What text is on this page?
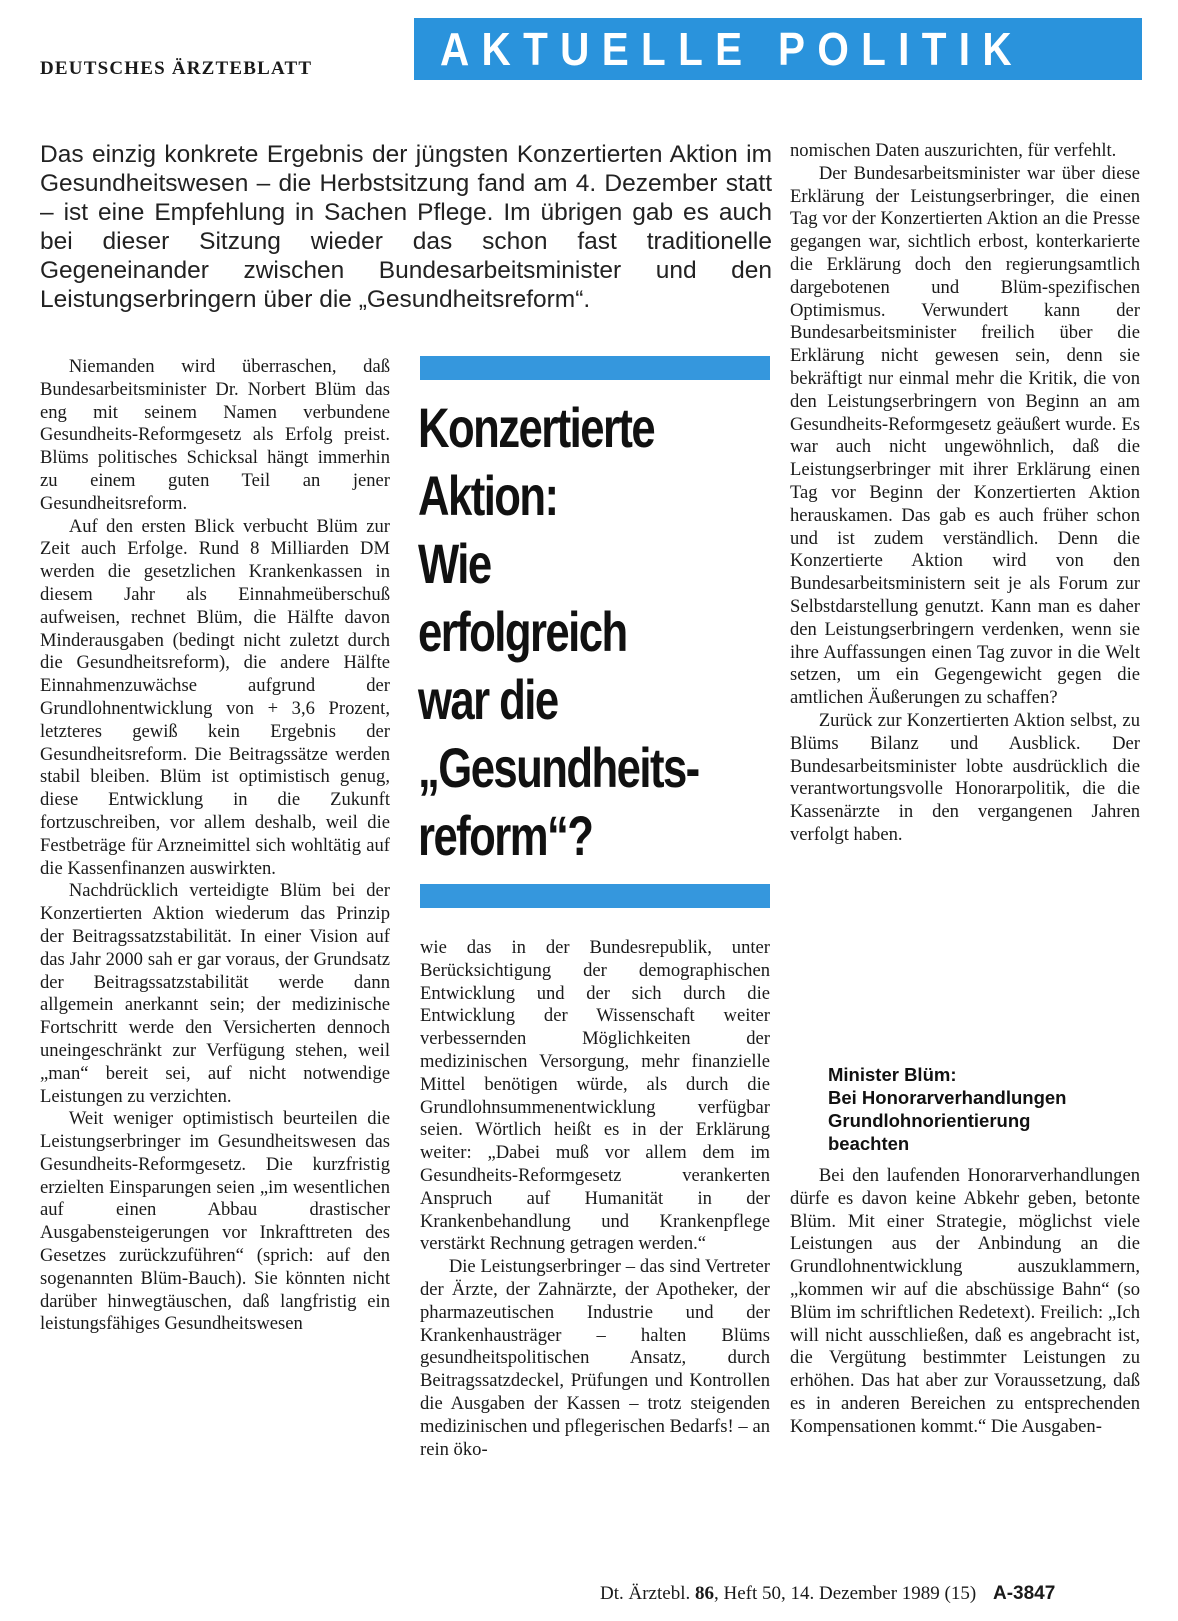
DEUTSCHES ÄRZTEBLATT	AKTUELLE POLITIK
Das einzig konkrete Ergebnis der jüngsten Konzertierten Aktion im Gesundheitswesen – die Herbstsitzung fand am 4. Dezember statt – ist eine Empfehlung in Sachen Pflege. Im übrigen gab es auch bei dieser Sitzung wieder das schon fast traditionelle Gegeneinander zwischen Bundesarbeitsminister und den Leistungserbringern über die „Gesundheitsreform“.

Niemanden wird überraschen, daß Bundesarbeitsminister Dr. Norbert Blüm das eng mit seinem Namen verbundene Gesundheits-Reformgesetz als Erfolg preist. Blüms politisches Schicksal hängt immerhin zu einem guten Teil an jener Gesundheitsreform.

Auf den ersten Blick verbucht Blüm zur Zeit auch Erfolge. Rund 8 Milliarden DM werden die gesetzlichen Krankenkassen in diesem Jahr als Einnahmeüberschuß aufweisen, rechnet Blüm, die Hälfte davon Minderausgaben (bedingt nicht zuletzt durch die Gesundheitsreform), die andere Hälfte Einnahmenzuwächse aufgrund der Grundlohnentwicklung von + 3,6 Prozent, letzteres gewiß kein Ergebnis der Gesundheitsreform. Die Beitragssätze werden stabil bleiben. Blüm ist optimistisch genug, diese Entwicklung in die Zukunft fortzuschreiben, vor allem deshalb, weil die Festbeträge für Arzneimittel sich wohltätig auf die Kassenfinanzen auswirkten.

Nachdrücklich verteidigte Blüm bei der Konzertierten Aktion wiederum das Prinzip der Beitragssatzstabilität. In einer Vision auf das Jahr 2000 sah er gar voraus, der Grundsatz der Beitragssatzstabilität werde dann allgemein anerkannt sein; der medizinische Fortschritt werde den Versicherten dennoch uneingeschränkt zur Verfügung stehen, weil „man“ bereit sei, auf nicht notwendige Leistungen zu verzichten.

Weit weniger optimistisch beurteilen die Leistungserbringer im Gesundheitswesen das Gesundheits-Reformgesetz. Die kurzfristig erzielten Einsparungen seien „im wesentlichen auf einen Abbau drastischer Ausgabensteigerungen vor Inkrafttreten des Gesetzes zurückzuführen“ (sprich: auf den sogenannten Blüm-Bauch). Sie könnten nicht darüber hinwegtäuschen, daß langfristig ein leistungsfähiges Gesundheitswesen

Konzertierte
Aktion:
Wie
erfolgreich
war die
„Gesundheits-
reform“?

wie das in der Bundesrepublik, unter Berücksichtigung der demographischen Entwicklung und der sich durch die Entwicklung der Wissenschaft weiter verbessernden Möglichkeiten der medizinischen Versorgung, mehr finanzielle Mittel benötigen würde, als durch die Grundlohnsummenentwicklung verfügbar seien. Wörtlich heißt es in der Erklärung weiter: „Dabei muß vor allem dem im Gesundheits-Reformgesetz verankerten Anspruch auf Humanität in der Krankenbehandlung und Krankenpflege verstärkt Rechnung getragen werden.“

Die Leistungserbringer – das sind Vertreter der Ärzte, der Zahnärzte, der Apotheker, der pharmazeutischen Industrie und der Krankenhausträger – halten Blüms gesundheitspolitischen Ansatz, durch Beitragssatzdeckel, Prüfungen und Kontrollen die Ausgaben der Kassen – trotz steigenden medizinischen und pflegerischen Bedarfs! – an rein öko-

nomischen Daten auszurichten, für verfehlt.

Der Bundesarbeitsminister war über diese Erklärung der Leistungserbringer, die einen Tag vor der Konzertierten Aktion an die Presse gegangen war, sichtlich erbost, konterkarierte die Erklärung doch den regierungsamtlich dargebotenen und Blüm-spezifischen Optimismus. Verwundert kann der Bundesarbeitsminister freilich über die Erklärung nicht gewesen sein, denn sie bekräftigt nur einmal mehr die Kritik, die von den Leistungserbringern von Beginn an am Gesundheits-Reformgesetz geäußert wurde. Es war auch nicht ungewöhnlich, daß die Leistungserbringer mit ihrer Erklärung einen Tag vor Beginn der Konzertierten Aktion herauskamen. Das gab es auch früher schon und ist zudem verständlich. Denn die Konzertierte Aktion wird von den Bundesarbeitsministern seit je als Forum zur Selbstdarstellung genutzt. Kann man es daher den Leistungserbringern verdenken, wenn sie ihre Auffassungen einen Tag zuvor in die Welt setzen, um ein Gegengewicht gegen die amtlichen Äußerungen zu schaffen?

Zurück zur Konzertierten Aktion selbst, zu Blüms Bilanz und Ausblick. Der Bundesarbeitsminister lobte ausdrücklich die verantwortungsvolle Honorarpolitik, die die Kassenärzte in den vergangenen Jahren verfolgt haben.

Minister Blüm:
Bei Honorarverhandlungen
Grundlohnorientierung
beachten

Bei den laufenden Honorarverhandlungen dürfe es davon keine Abkehr geben, betonte Blüm. Mit einer Strategie, möglichst viele Leistungen aus der Anbindung an die Grundlohnentwicklung auszuklammern, „kommen wir auf die abschüssige Bahn“ (so Blüm im schriftlichen Redetext). Freilich: „Ich will nicht ausschließen, daß es angebracht ist, die Vergütung bestimmter Leistungen zu erhöhen. Das hat aber zur Voraussetzung, daß es in anderen Bereichen zu entsprechenden Kompensationen kommt.“ Die Ausgaben-

Dt. Ärztebl. 86, Heft 50, 14. Dezember 1989 (15) A-3847
